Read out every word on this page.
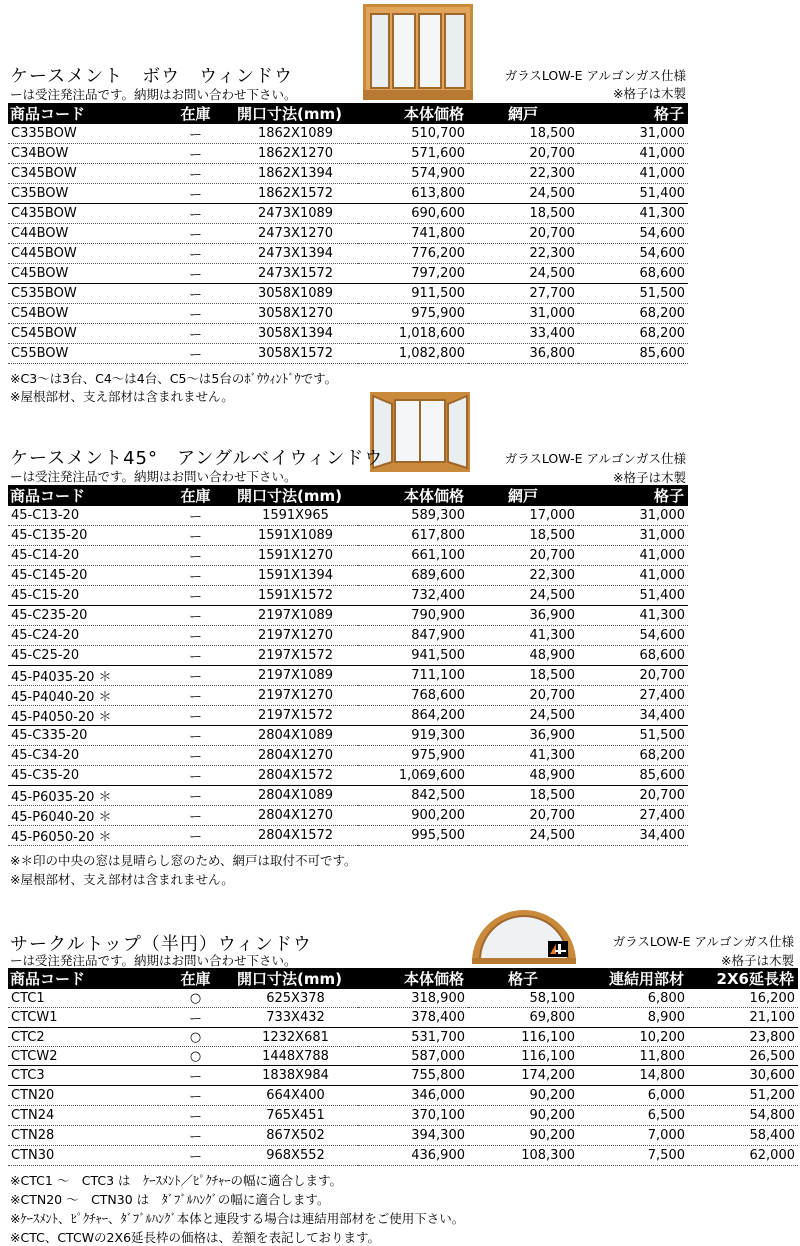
ケースメント　ボウ　ウィンドウ
ーは受注発注品です。納期はお問い合わせ下さい。
ガラスLOW-E アルゴンガス仕様
※格子は木製
商品コード	在庫	開口寸法(mm)	本体価格	網戸	格子
C335BOW	ー	1862X1089	510,700	18,500	31,000
C34BOW	ー	1862X1270	571,600	20,700	41,000
C345BOW	ー	1862X1394	574,900	22,300	41,000
C35BOW	ー	1862X1572	613,800	24,500	51,400
C435BOW	ー	2473X1089	690,600	18,500	41,300
C44BOW	ー	2473X1270	741,800	20,700	54,600
C445BOW	ー	2473X1394	776,200	22,300	54,600
C45BOW	ー	2473X1572	797,200	24,500	68,600
C535BOW	ー	3058X1089	911,500	27,700	51,500
C54BOW	ー	3058X1270	975,900	31,000	68,200
C545BOW	ー	3058X1394	1,018,600	33,400	68,200
C55BOW	ー	3058X1572	1,082,800	36,800	85,600
※C3～は3台、C4～は4台、C5～は5台のﾎﾞｳｳｨﾝﾄﾞｳです。
※屋根部材、支え部材は含まれません。
ケースメント45°　アングルベイウィンドウ
ーは受注発注品です。納期はお問い合わせ下さい。
ガラスLOW-E アルゴンガス仕様
※格子は木製
商品コード	在庫	開口寸法(mm)	本体価格	網戸	格子
45-C13-20	ー	1591X965	589,300	17,000	31,000
45-C135-20	ー	1591X1089	617,800	18,500	31,000
45-C14-20	ー	1591X1270	661,100	20,700	41,000
45-C145-20	ー	1591X1394	689,600	22,300	41,000
45-C15-20	ー	1591X1572	732,400	24,500	51,400
45-C235-20	ー	2197X1089	790,900	36,900	41,300
45-C24-20	ー	2197X1270	847,900	41,300	54,600
45-C25-20	ー	2197X1572	941,500	48,900	68,600
45-P4035-20 ＊	ー	2197X1089	711,100	18,500	20,700
45-P4040-20 ＊	ー	2197X1270	768,600	20,700	27,400
45-P4050-20 ＊	ー	2197X1572	864,200	24,500	34,400
45-C335-20	ー	2804X1089	919,300	36,900	51,500
45-C34-20	ー	2804X1270	975,900	41,300	68,200
45-C35-20	ー	2804X1572	1,069,600	48,900	85,600
45-P6035-20 ＊	ー	2804X1089	842,500	18,500	20,700
45-P6040-20 ＊	ー	2804X1270	900,200	20,700	27,400
45-P6050-20 ＊	ー	2804X1572	995,500	24,500	34,400
※＊印の中央の窓は見晴らし窓のため、網戸は取付不可です。
※屋根部材、支え部材は含まれません。
サークルトップ（半円）ウィンドウ
ーは受注発注品です。納期はお問い合わせ下さい。
ガラスLOW-E アルゴンガス仕様
※格子は木製
商品コード	在庫	開口寸法(mm)	本体価格	格子	連結用部材	2X6延長枠
CTC1	○	625X378	318,900	58,100	6,800	16,200
CTCW1	ー	733X432	378,400	69,800	8,900	21,100
CTC2	○	1232X681	531,700	116,100	10,200	23,800
CTCW2	○	1448X788	587,000	116,100	11,800	26,500
CTC3	ー	1838X984	755,800	174,200	14,800	30,600
CTN20	ー	664X400	346,000	90,200	6,000	51,200
CTN24	ー	765X451	370,100	90,200	6,500	54,800
CTN28	ー	867X502	394,300	90,200	7,000	58,400
CTN30	ー	968X552	436,900	108,300	7,500	62,000
※CTC1 ～　CTC3 は　ｹｰｽﾒﾝﾄ／ﾋﾟｸﾁｬｰの幅に適合します。
※CTN20 ～　CTN30 は　ﾀﾞﾌﾞﾙﾊﾝｸﾞの幅に適合します。
※ｹｰｽﾒﾝﾄ、ﾋﾟｸﾁｬｰ、ﾀﾞﾌﾞﾙﾊﾝｸﾞ本体と連段する場合は連結用部材をご使用下さい。
※CTC、CTCWの2X6延長枠の価格は、差額を表記しております。
